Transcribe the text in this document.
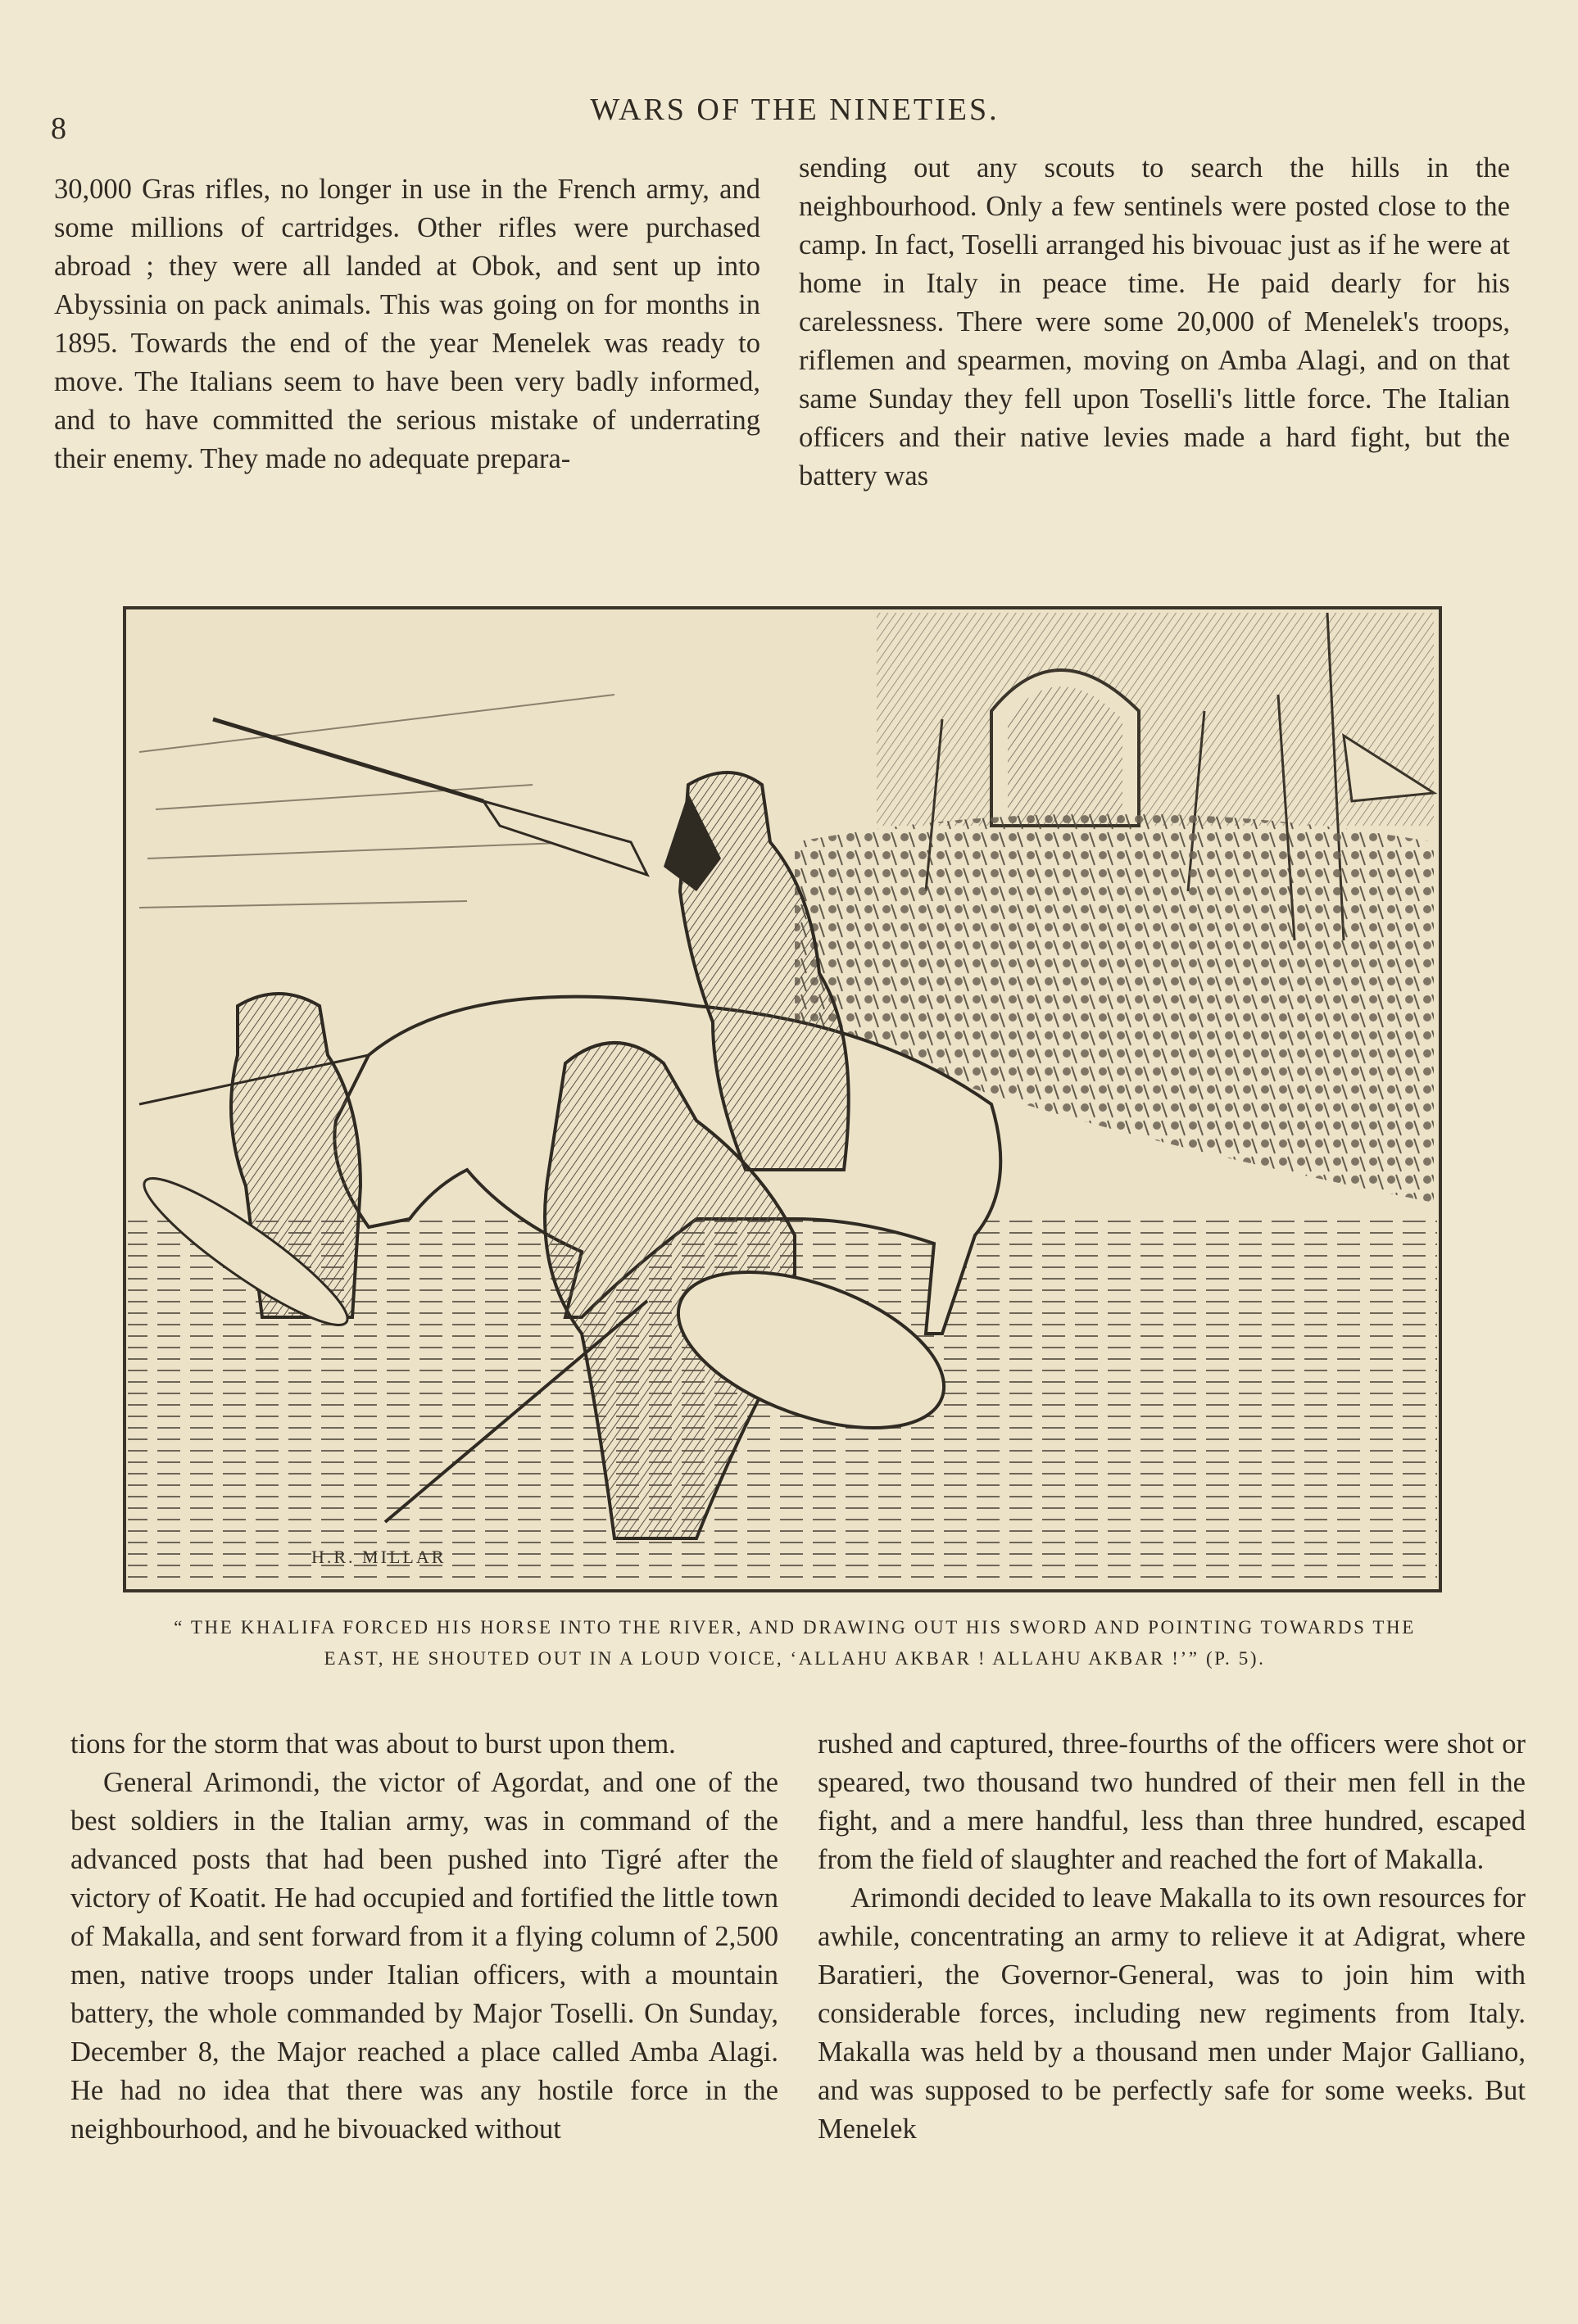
8
WARS OF THE NINETIES.

30,000 Gras rifles, no longer in use in the French army, and some millions of cartridges. Other rifles were purchased abroad ; they were all landed at Obok, and sent up into Abyssinia on pack animals. This was going on for months in 1895. Towards the end of the year Menelek was ready to move. The Italians seem to have been very badly informed, and to have committed the serious mistake of underrating their enemy. They made no adequate prepara-

sending out any scouts to search the hills in the neighbourhood. Only a few sentinels were posted close to the camp. In fact, Toselli arranged his bivouac just as if he were at home in Italy in peace time. He paid dearly for his carelessness. There were some 20,000 of Menelek's troops, riflemen and spearmen, moving on Amba Alagi, and on that same Sunday they fell upon Toselli's little force. The Italian officers and their native levies made a hard fight, but the battery was

H.R. MILLAR
“ THE KHALIFA FORCED HIS HORSE INTO THE RIVER, AND DRAWING OUT HIS SWORD AND POINTING TOWARDS THE
EAST, HE SHOUTED OUT IN A LOUD VOICE, ‘ALLAHU AKBAR ! ALLAHU AKBAR !’” (P. 5).

tions for the storm that was about to burst upon them.

General Arimondi, the victor of Agordat, and one of the best soldiers in the Italian army, was in command of the advanced posts that had been pushed into Tigré after the victory of Koatit. He had occupied and fortified the little town of Makalla, and sent forward from it a flying column of 2,500 men, native troops under Italian officers, with a mountain battery, the whole commanded by Major Toselli. On Sunday, December 8, the Major reached a place called Amba Alagi. He had no idea that there was any hostile force in the neighbourhood, and he bivouacked without

rushed and captured, three-fourths of the officers were shot or speared, two thousand two hundred of their men fell in the fight, and a mere handful, less than three hundred, escaped from the field of slaughter and reached the fort of Makalla.

Arimondi decided to leave Makalla to its own resources for awhile, concentrating an army to relieve it at Adigrat, where Baratieri, the Governor-General, was to join him with considerable forces, including new regiments from Italy. Makalla was held by a thousand men under Major Galliano, and was supposed to be perfectly safe for some weeks. But Menelek
